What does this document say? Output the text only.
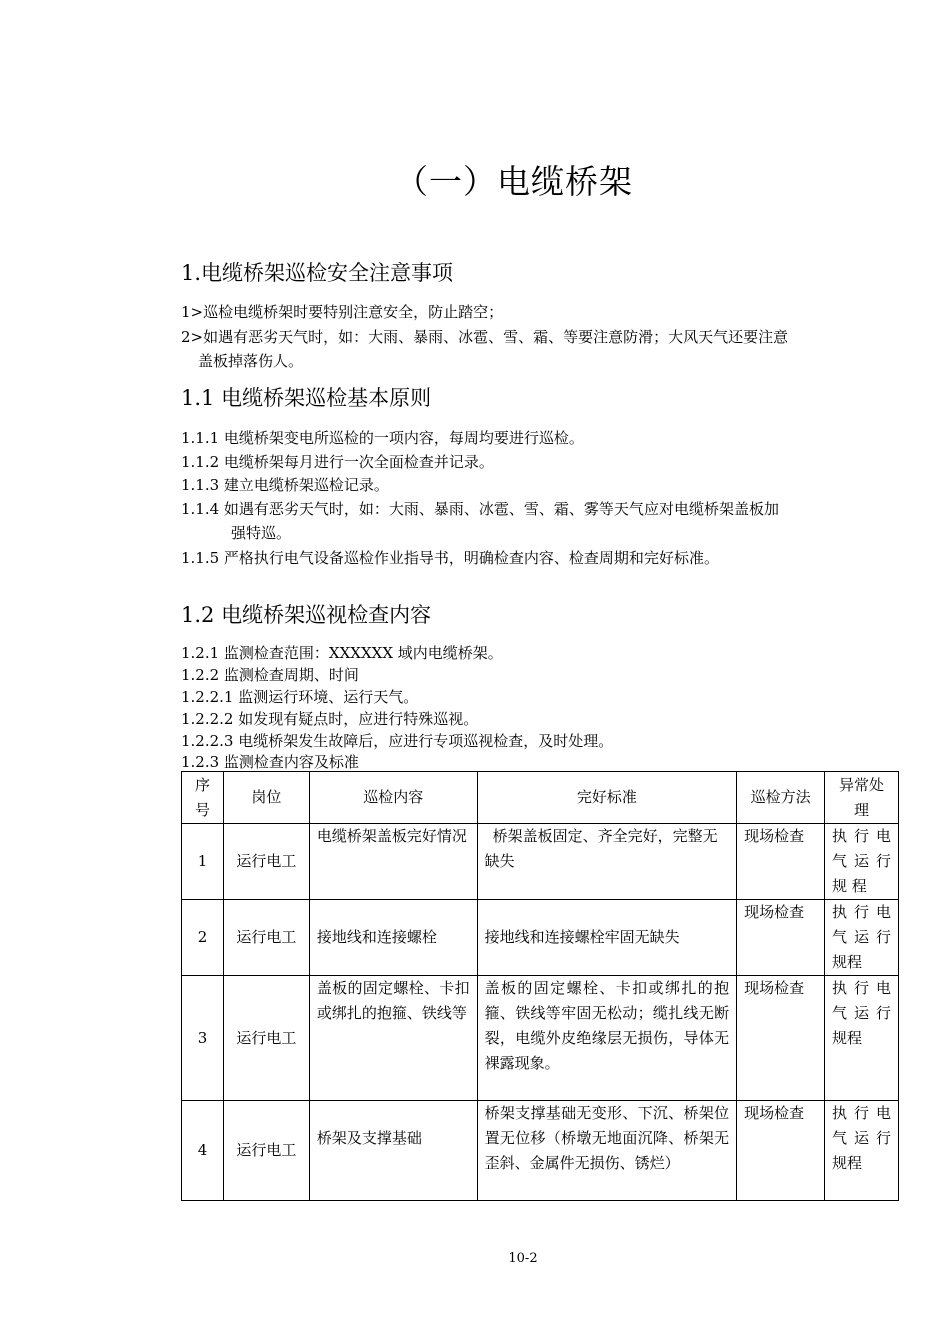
（一）电缆桥架
1.电缆桥架巡检安全注意事项
1>巡检电缆桥架时要特别注意安全，防止踏空；
2>如遇有恶劣天气时，如：大雨、暴雨、冰雹、雪、霜、等要注意防滑；大风天气还要注意
盖板掉落伤人。
1.1 电缆桥架巡检基本原则
1.1.1 电缆桥架变电所巡检的一项内容，每周均要进行巡检。
1.1.2 电缆桥架每月进行一次全面检查并记录。
1.1.3 建立电缆桥架巡检记录。
1.1.4 如遇有恶劣天气时，如：大雨、暴雨、冰雹、雪、霜、雾等天气应对电缆桥架盖板加
强特巡。
1.1.5 严格执行电气设备巡检作业指导书，明确检查内容、检查周期和完好标准。
1.2 电缆桥架巡视检查内容
1.2.1 监测检查范围：XXXXXX 域内电缆桥架。
1.2.2 监测检查周期、时间
1.2.2.1 监测运行环境、运行天气。
1.2.2.2 如发现有疑点时，应进行特殊巡视。
1.2.2.3 电缆桥架发生故障后，应进行专项巡视检查，及时处理。
1.2.3 监测检查内容及标准
序号	岗位	巡检内容	完好标准	巡检方法	异常处理
1	运行电工	电缆桥架盖板完好情况	桥架盖板固定、齐全完好，完整无缺失	现场检查	执行电气运行规 程
2	运行电工	接地线和连接螺栓	接地线和连接螺栓牢固无缺失	现场检查	执行电气运行规程
3	运行电工	盖板的固定螺栓、卡扣或绑扎的抱箍、铁线等	盖板的固定螺栓、卡扣或绑扎的抱箍、铁线等牢固无松动；缆扎线无断裂，电缆外皮绝缘层无损伤，导体无裸露现象。	现场检查	执行电气运行规程
4	运行电工	桥架及支撑基础	桥架支撑基础无变形、下沉、桥架位置无位移（桥墩无地面沉降、桥架无歪斜、金属件无损伤、锈烂）	现场检查	执行电气运行规程
10-2
